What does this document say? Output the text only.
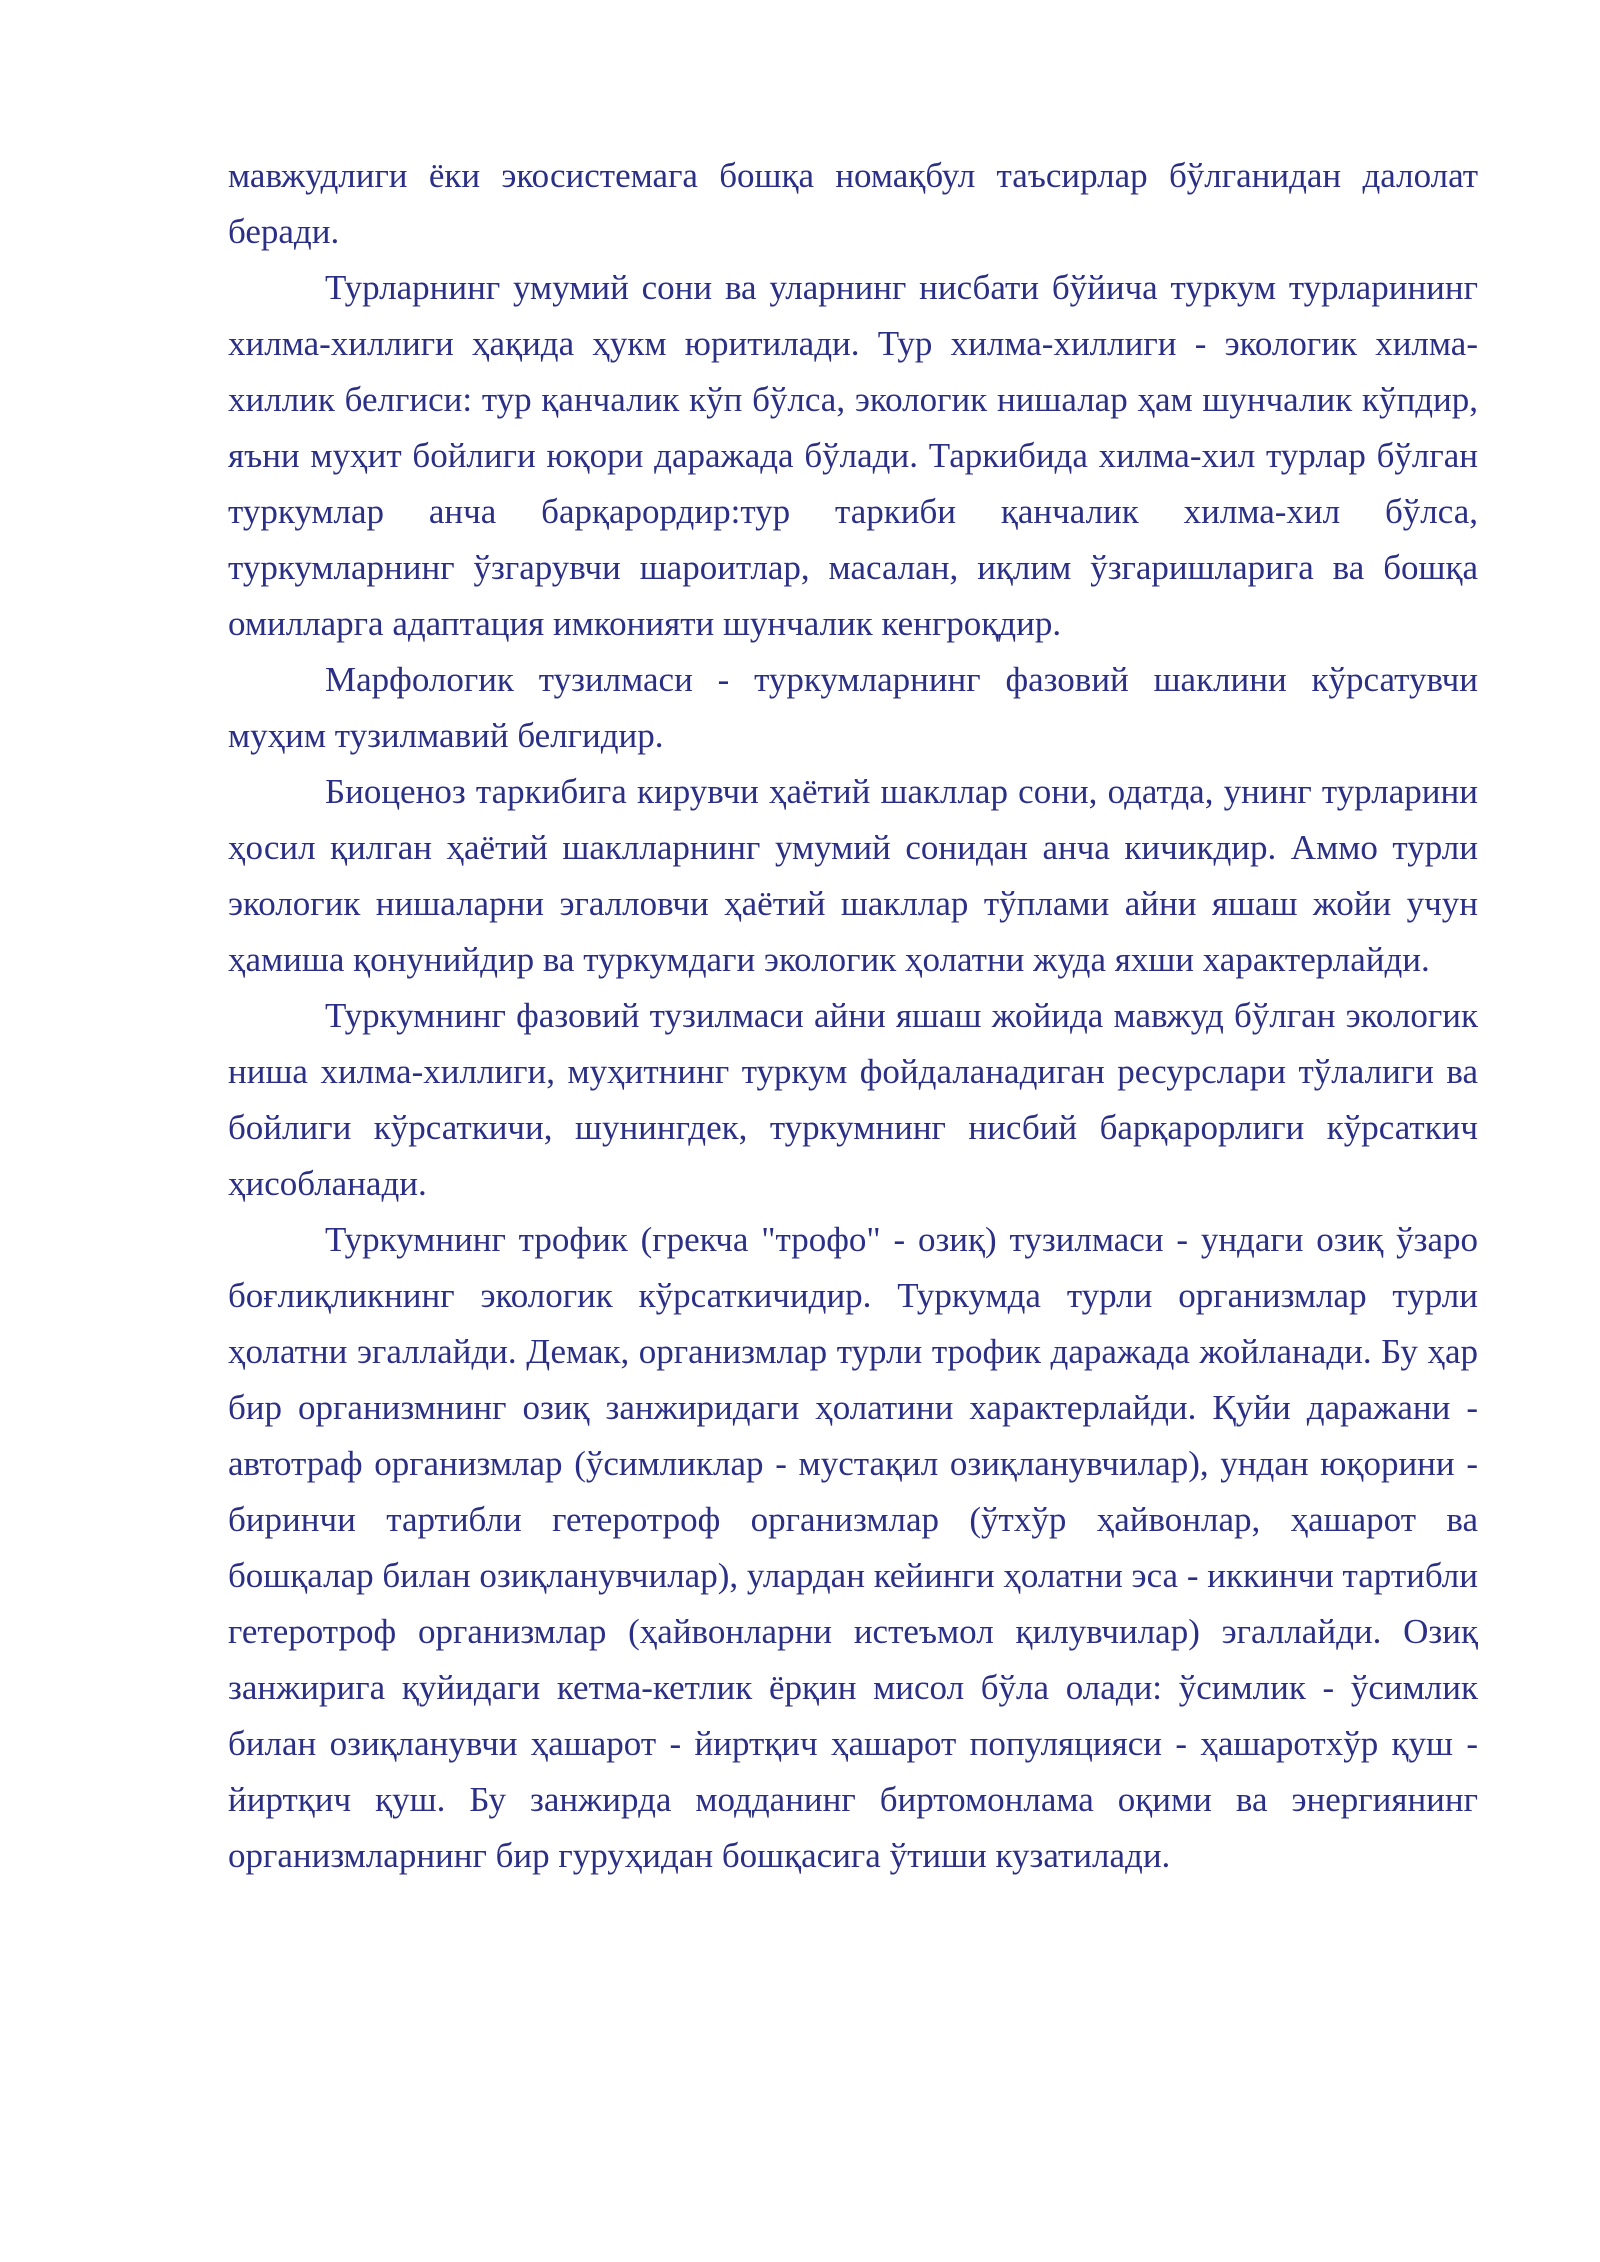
мавжудлиги ёки экосистемага бошқа номақбул таъсирлар бўлганидан далолат беради.

Турларнинг умумий сони ва уларнинг нисбати бўйича туркум турларининг хилма-хиллиги ҳақида ҳукм юритилади. Тур хилма-хиллиги - экологик хилма-хиллик белгиси: тур қанчалик кўп бўлса, экологик нишалар ҳам шунчалик кўпдир, яъни муҳит бойлиги юқори даражада бўлади. Таркибида хилма-хил турлар бўлган туркумлар анча барқарордир:тур таркиби қанчалик хилма-хил бўлса, туркумларнинг ўзгарувчи шароитлар, масалан, иқлим ўзгаришларига ва бошқа омилларга адаптация имконияти шунчалик кенгроқдир.

Марфологик тузилмаси - туркумларнинг фазовий шаклини кўрсатувчи муҳим тузилмавий белгидир.

Биоценоз таркибига кирувчи ҳаётий шакллар сони, одатда, унинг турларини ҳосил қилган ҳаётий шаклларнинг умумий сонидан анча кичикдир. Аммо турли экологик нишаларни эгалловчи ҳаётий шакллар тўплами айни яшаш жойи учун ҳамиша қонунийдир ва туркумдаги экологик ҳолатни жуда яхши характерлайди.

Туркумнинг фазовий тузилмаси айни яшаш жойида мавжуд бўлган экологик ниша хилма-хиллиги, муҳитнинг туркум фойдаланадиган ресурслари тўлалиги ва бойлиги кўрсаткичи, шунингдек, туркумнинг нисбий барқарорлиги кўрсаткич ҳисобланади.

Туркумнинг трофик (грекча "трофо" - озиқ) тузилмаси - ундаги озиқ ўзаро боғлиқликнинг экологик кўрсаткичидир. Туркумда турли организмлар турли ҳолатни эгаллайди. Демак, организмлар турли трофик даражада жойланади. Бу ҳар бир организмнинг озиқ занжиридаги ҳолатини характерлайди. Қуйи даражани - автотраф организмлар (ўсимликлар - мустақил озиқланувчилар), ундан юқорини - биринчи тартибли гетеротроф организмлар (ўтхўр ҳайвонлар, ҳашарот ва бошқалар билан озиқланувчилар), улардан кейинги ҳолатни эса - иккинчи тартибли гетеротроф организмлар (ҳайвонларни истеъмол қилувчилар) эгаллайди. Озиқ занжирига қуйидаги кетма-кетлик ёрқин мисол бўла олади: ўсимлик - ўсимлик билан озиқланувчи ҳашарот - йиртқич ҳашарот популяцияси - ҳашаротхўр қуш - йиртқич қуш. Бу занжирда модданинг биртомонлама оқими ва энергиянинг организмларнинг бир гуруҳидан бошқасига ўтиши кузатилади.
